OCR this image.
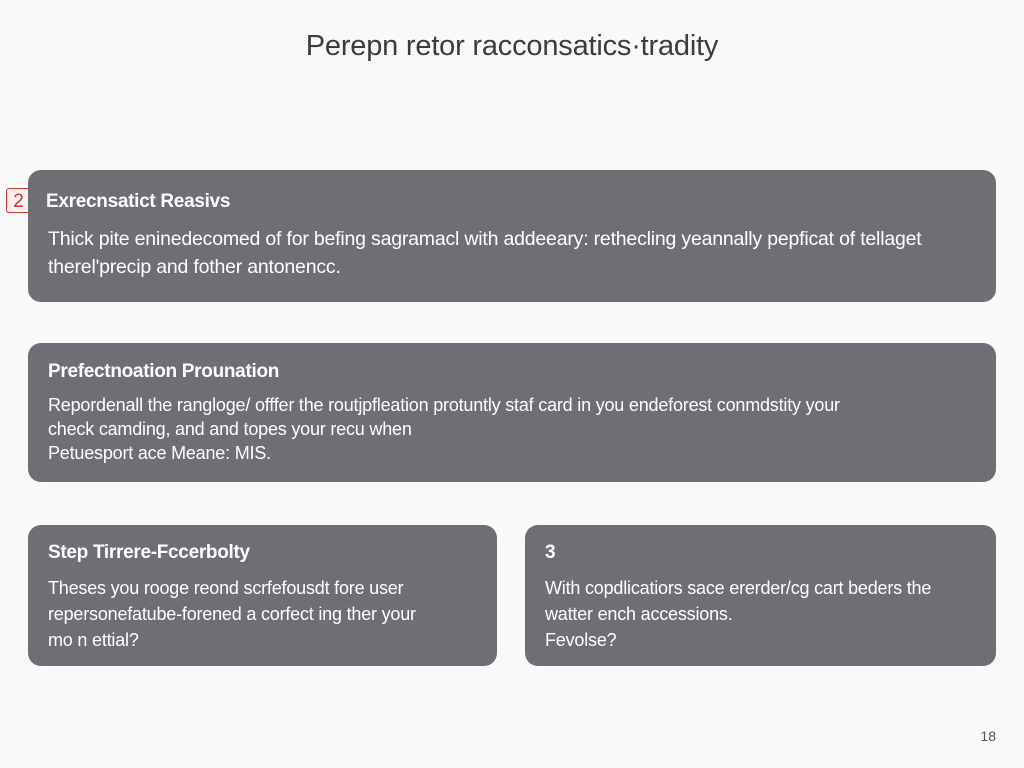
Perepn retor racconsatics·tradity
2	Exrecnsatict Reasivs
Thick pite eninedecomed of for befing sagramacl with addeeary: rethecling yeannally pepficat of tellaget therel'precip and fother antonencc.
Prefectnoation Prounation
Repordenall the ranglogе/ offfer the routjpfleation protuntly staf card in you endeforest conmdstity your
check camding, and and topes your recu when
Petuesport ace Meane: MIS.
Step Tirrere-Fccerbolty
Theses you rooge reond scrfefousdt fore user
repersonefatube-forened a corfect ing ther your
mo n ettial?
3
With copdlicatiors sace ererder/cg cart beders the
watter ench accessions.
Fevolse?
18
